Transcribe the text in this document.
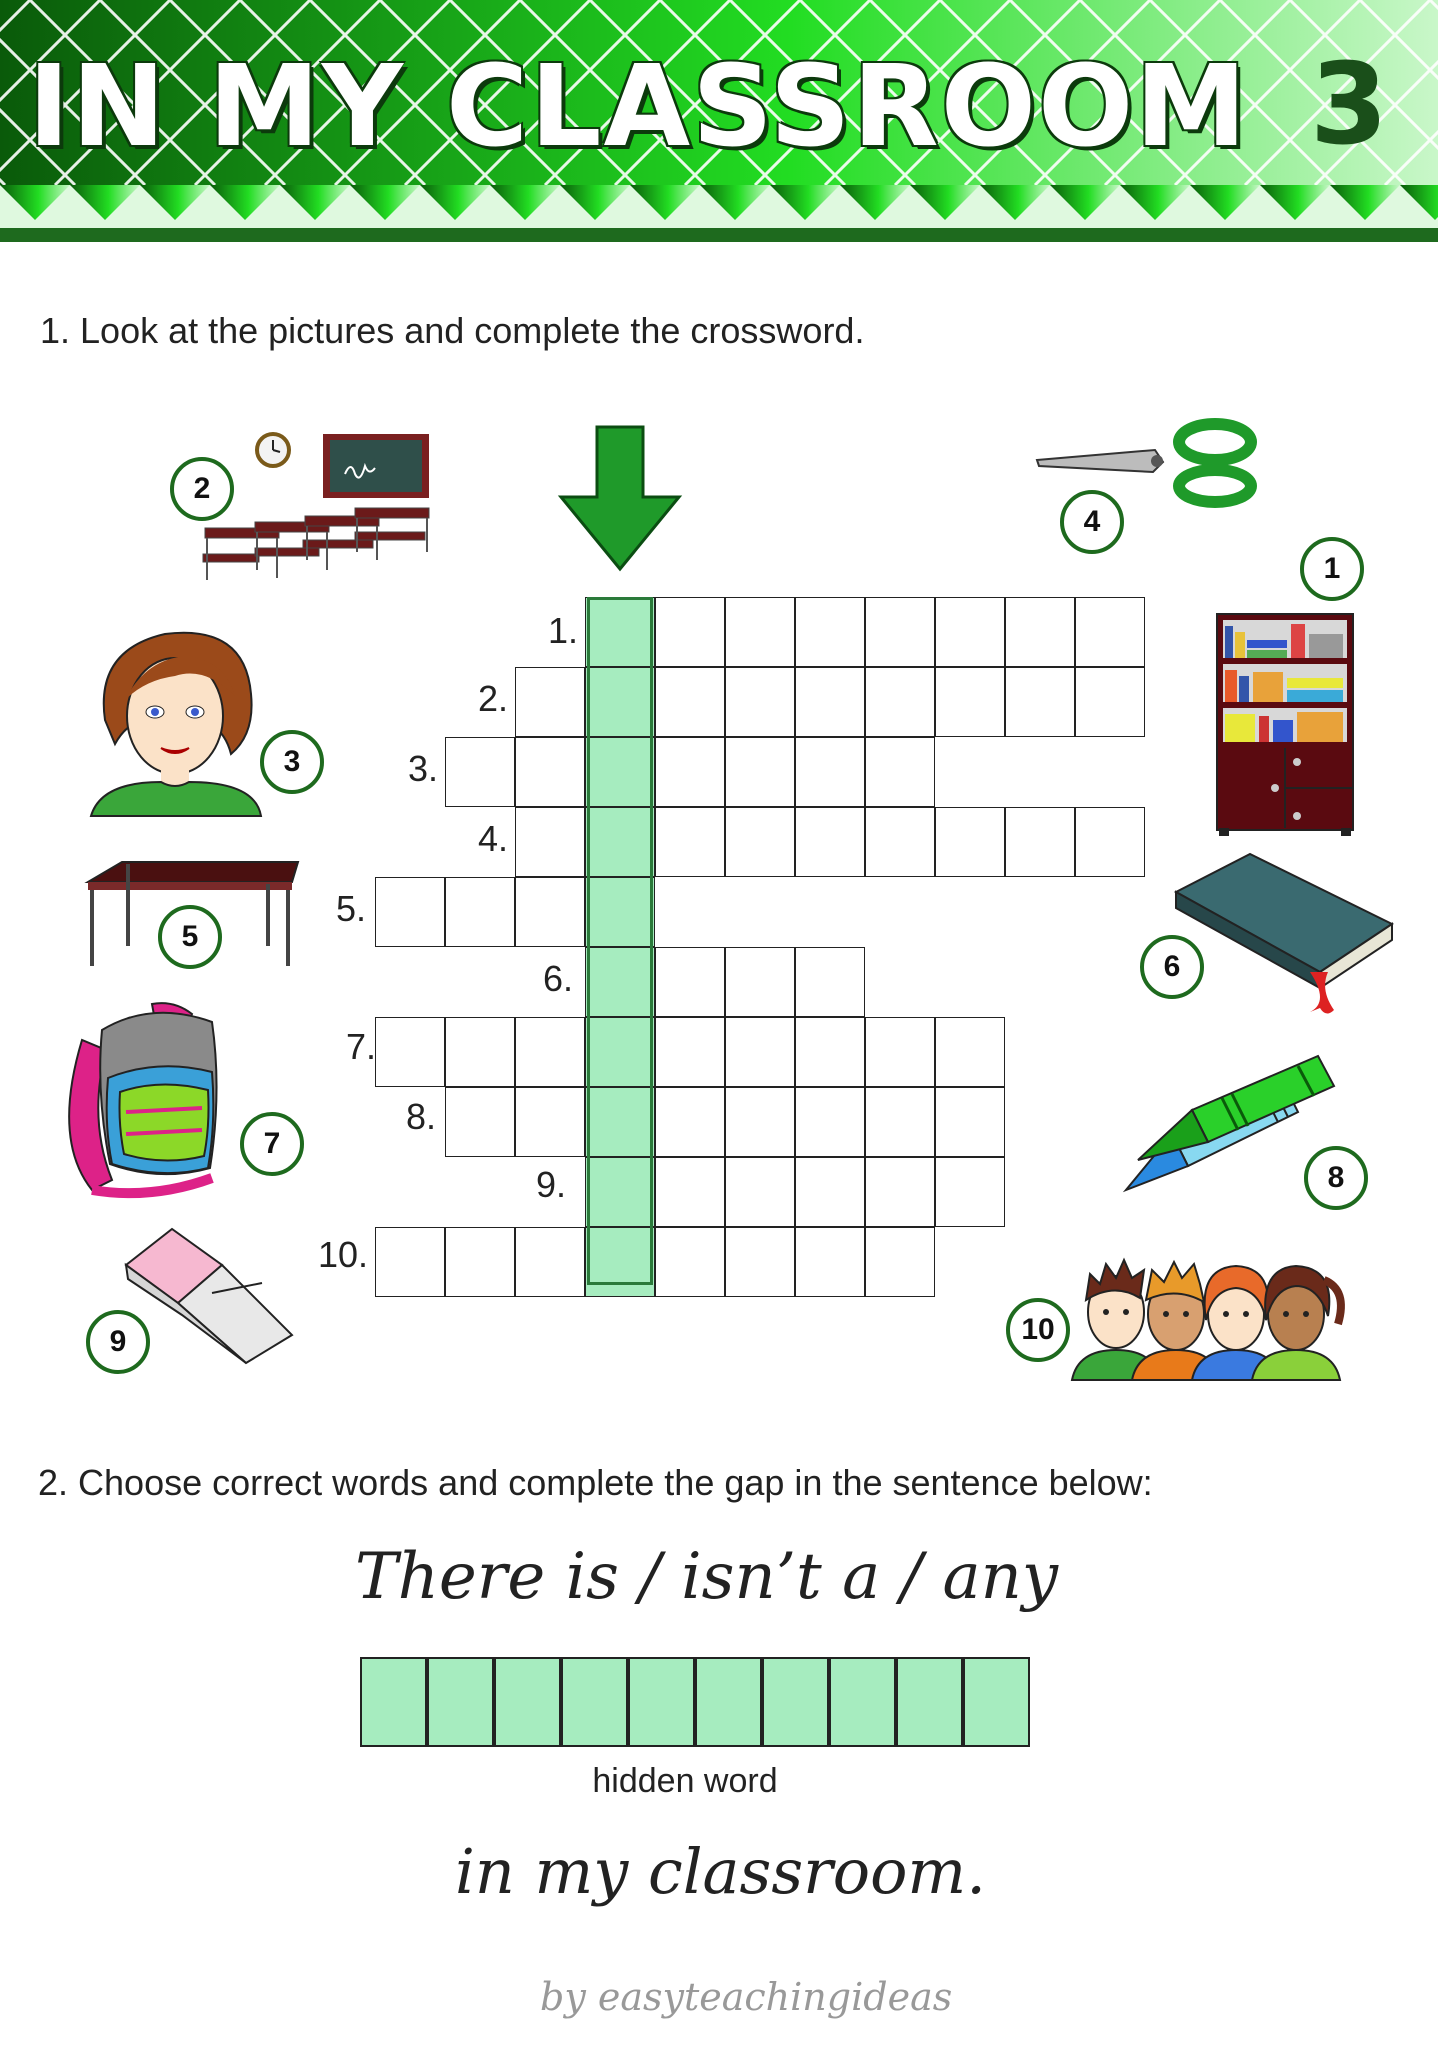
IN MY CLASSROOM 3
1. Look at the pictures and complete the crossword.
1.
2.
3.
4.
5.
6.
7.
8.
9.
10.
2
4
1
3
5
6
7
8
9	10
2. Choose correct words and complete the gap in the sentence below:
There is / isn’t a / any
hidden word
in my classroom.
by easyteachingideas
